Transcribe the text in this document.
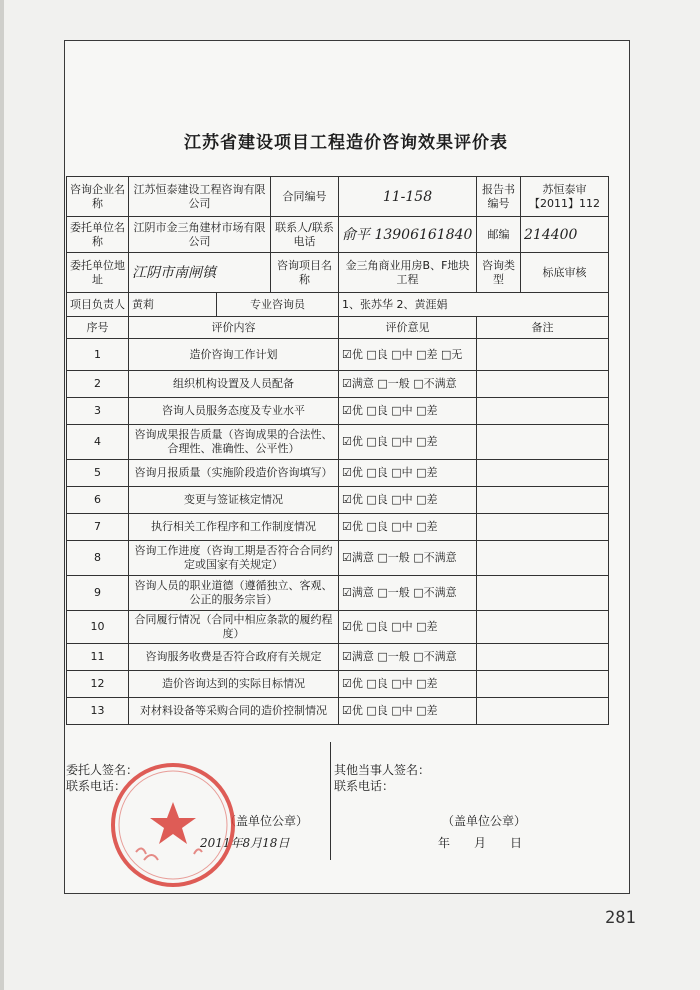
江苏省建设项目工程造价咨询效果评价表
咨询企业名称	江苏恒泰建设工程咨询有限公司		合同编号	11-158	报告书编号	苏恒泰审【2011】112
委托单位名称	江阴市金三角建材市场有限公司		联系人/联系电话	俞平 13906161840	邮编	214400
委托单位地址	江阴市南闸镇		咨询项目名称	金三角商业用房B、F地块工程	咨询类型	标底审核
项目负责人	黄莉	专业咨询员		1、张苏华 2、黄涯娟		
序号	评价内容			评价意见	备注	
1	造价咨询工作计划			☑优 □良 □中 □差 □无		
2	组织机构设置及人员配备			☑满意 □一般 □不满意		
3	咨询人员服务态度及专业水平			☑优 □良 □中 □差		
4	咨询成果报告质量（咨询成果的合法性、合理性、准确性、公平性）			☑优 □良 □中 □差		
5	咨询月报质量（实施阶段造价咨询填写）			☑优 □良 □中 □差		
6	变更与签证核定情况			☑优 □良 □中 □差		
7	执行相关工作程序和工作制度情况			☑优 □良 □中 □差		
8	咨询工作进度（咨询工期是否符合合同约定或国家有关规定）			☑满意 □一般 □不满意		
9	咨询人员的职业道德（遵循独立、客观、公正的服务宗旨）			☑满意 □一般 □不满意		
10	合同履行情况（合同中相应条款的履约程度）			☑优 □良 □中 □差		
11	咨询服务收费是否符合政府有关规定			☑满意 □一般 □不满意		
12	造价咨询达到的实际目标情况			☑优 □良 □中 □差		
13	对材料设备等采购合同的造价控制情况			☑优 □良 □中 □差		
委托人签名：
联系电话：
（盖单位公章）
2011年8月18日
其他当事人签名：
联系电话：
（盖单位公章）
年　　月　　日
281
